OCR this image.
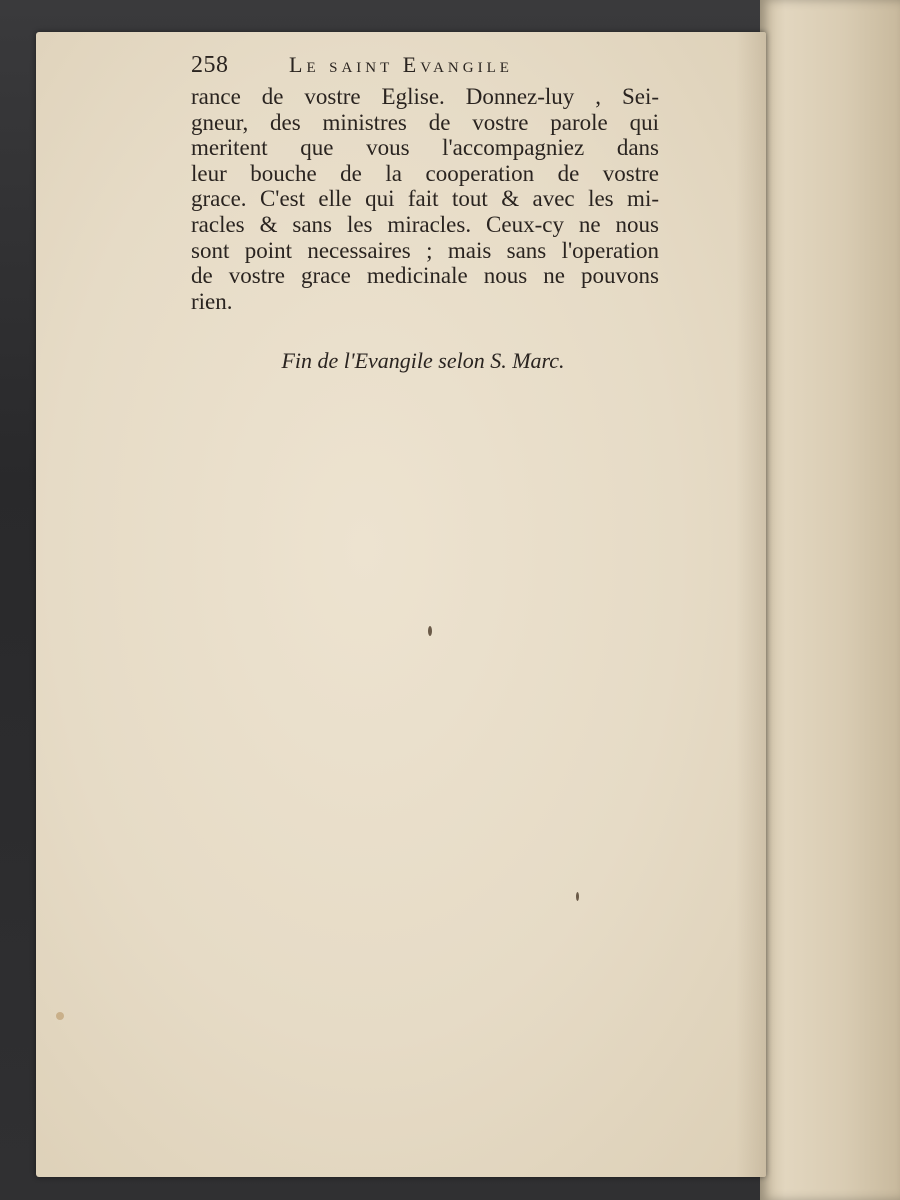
258	Le saint Evangile
rance de vostre Eglise. Donnez-luy , Sei-
gneur, des ministres de vostre parole qui
meritent que vous l'accompagniez dans
leur bouche de la cooperation de vostre
grace. C'est elle qui fait tout & avec les mi-
racles & sans les miracles. Ceux-cy ne nous
sont point necessaires ; mais sans l'operation
de vostre grace medicinale nous ne pouvons
rien.
Fin de l'Evangile selon S. Marc.
